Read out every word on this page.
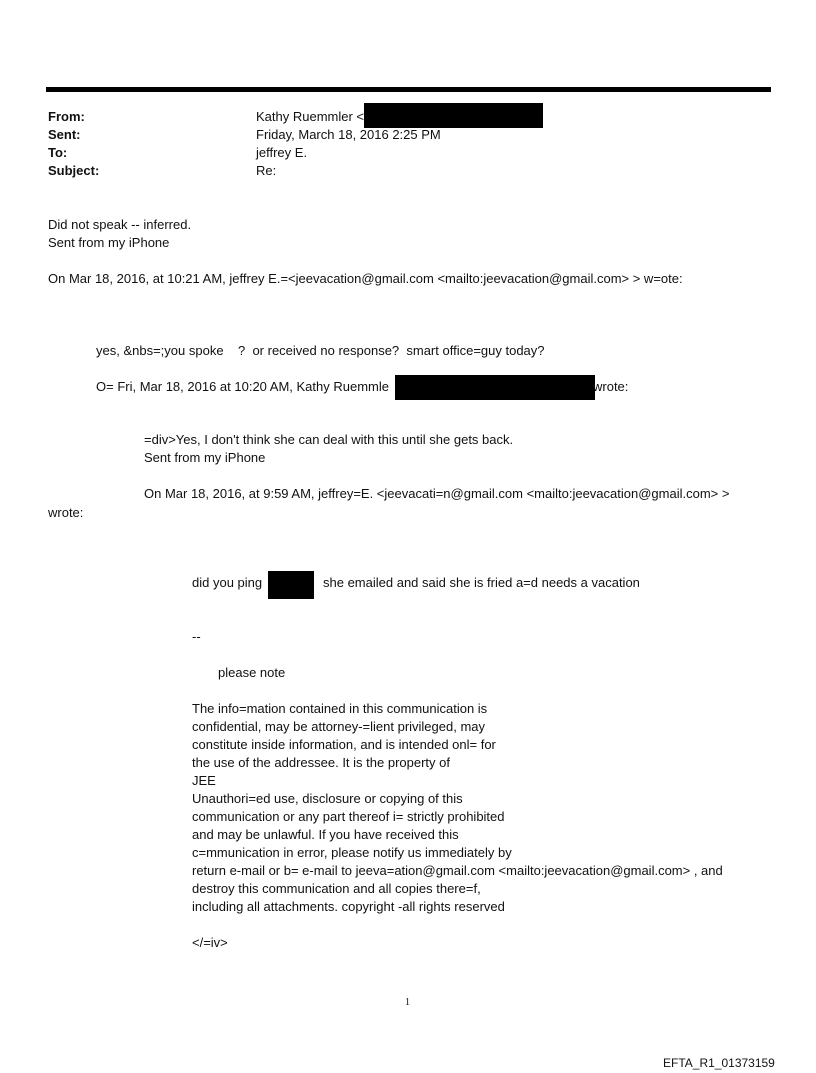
From:
Sent:
To:
Subject:
Kathy Ruemmler <
Friday, March 18, 2016 2:25 PM
jeffrey E.
Re:
Did not speak -- inferred.
Sent from my iPhone
On Mar 18, 2016, at 10:21 AM, jeffrey E.=<jeevacation@gmail.com <mailto:jeevacation@gmail.com> > w=ote:
yes, &nbs=;you spoke    ?  or received no response?  smart office=guy today?
O= Fri, Mar 18, 2016 at 10:20 AM, Kathy Ruemmle	wrote:
=div>Yes, I don't think she can deal with this until she gets back.
Sent from my iPhone
On Mar 18, 2016, at 9:59 AM, jeffrey=E. <jeevacati=n@gmail.com <mailto:jeevacation@gmail.com> >
wrote:
did you ping	she emailed and said she is fried a=d needs a vacation
--
please note
The info=mation contained in this communication is
confidential, may be attorney-=lient privileged, may
constitute inside information, and is intended onl= for
the use of the addressee. It is the property of
JEE
Unauthori=ed use, disclosure or copying of this
communication or any part thereof i= strictly prohibited
and may be unlawful. If you have received this
c=mmunication in error, please notify us immediately by
return e-mail or b= e-mail to jeeva=ation@gmail.com <mailto:jeevacation@gmail.com> , and
destroy this communication and all copies there=f,
including all attachments. copyright -all rights reserved
</=iv>
1
EFTA_R1_01373159
